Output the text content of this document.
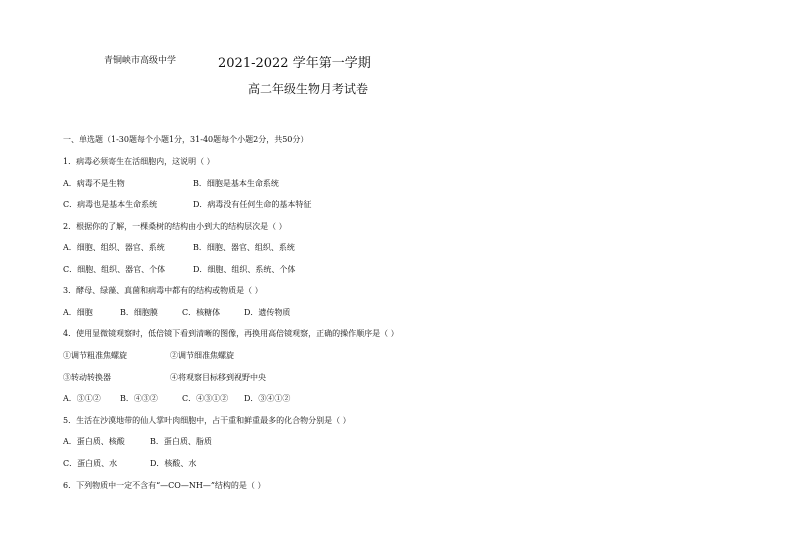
青铜峡市高级中学	2021-2022 学年第一学期
高二年级生物月考试卷
一、单选题（1-30题每个小题1分，31-40题每个小题2分，共50分）
1．病毒必须寄生在活细胞内，这说明（ ）
A．病毒不是生物	B．细胞是基本生命系统
C．病毒也是基本生命系统	D．病毒没有任何生命的基本特征
2．根据你的了解，一棵桑树的结构由小到大的结构层次是（ ）
A．细胞、组织、器官、系统	B．细胞、器官、组织、系统
C．细胞、组织、器官、个体	D．细胞、组织、系统、个体
3．酵母、绿藻、真菌和病毒中都有的结构或物质是（ ）
A．细胞	B．细胞膜	C．核糖体	D．遗传物质
4．使用显微镜观察时，低倍镜下看到清晰的图像，再换用高倍镜观察，正确的操作顺序是（ ）
①调节粗准焦螺旋	②调节细准焦螺旋
③转动转换器	④将观察目标移到视野中央
A．③①② B．④③②	C．④③①② D．③④①②
5．生活在沙漠地带的仙人掌叶肉细胞中，占干重和鲜重最多的化合物分别是（ ）
A．蛋白质、核酸	B．蛋白质、脂质
C．蛋白质、水	D．核酸、水
6．下列物质中一定不含有“—CO—NH—”结构的是（ ）
